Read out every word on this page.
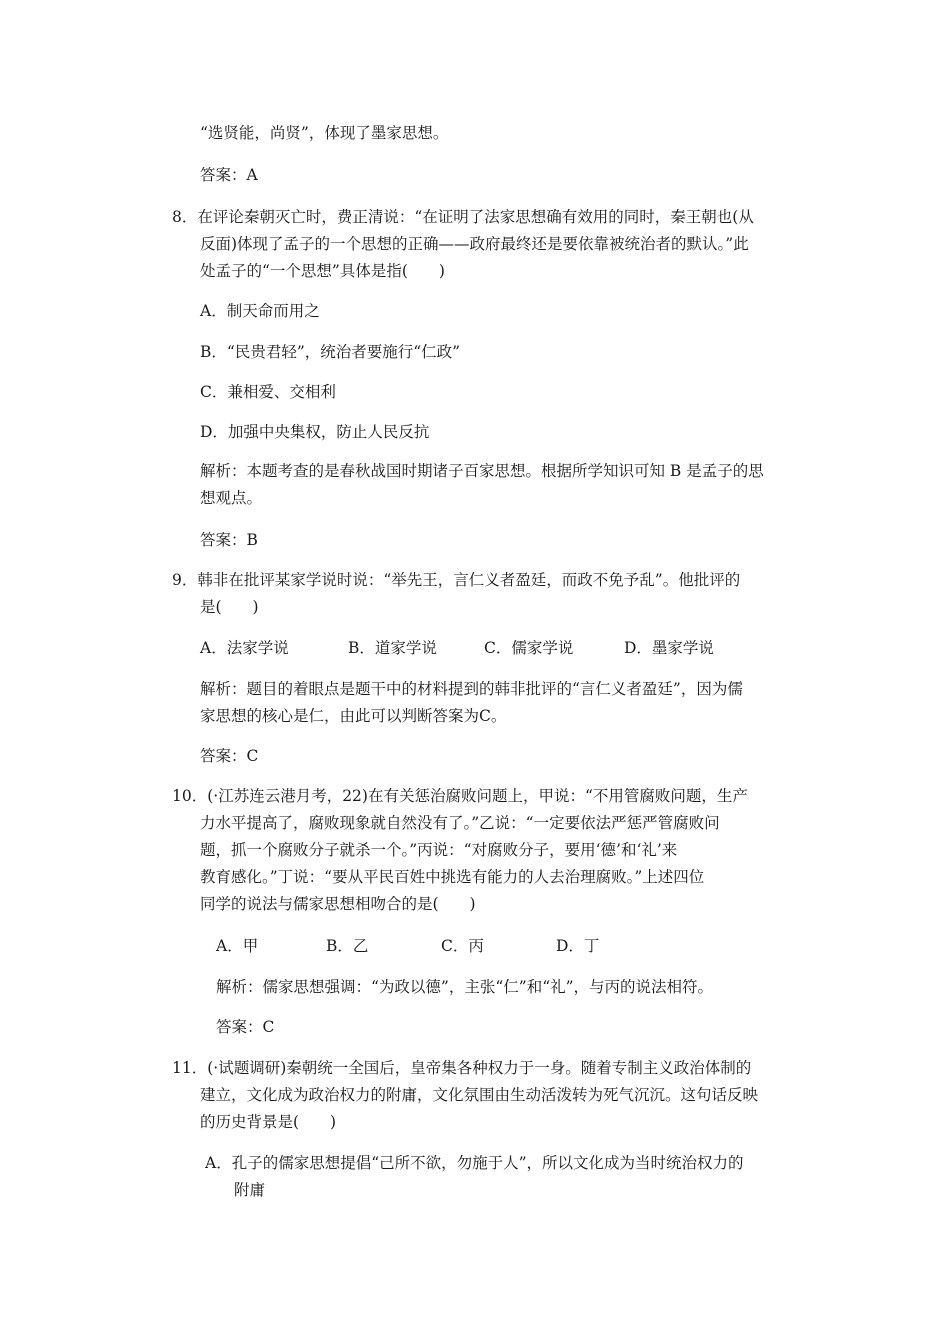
“选贤能，尚贤”，体现了墨家思想。
答案：A
8．在评论秦朝灭亡时，费正清说：“在证明了法家思想确有效用的同时，秦王朝也(从
反面)体现了孟子的一个思想的正确——政府最终还是要依靠被统治者的默认。”此
处孟子的“一个思想”具体是指(　　)
A．制天命而用之
B．“民贵君轻”，统治者要施行“仁政”
C．兼相爱、交相利
D．加强中央集权，防止人民反抗
解析：本题考查的是春秋战国时期诸子百家思想。根据所学知识可知 B 是孟子的思
想观点。
答案：B
9．韩非在批评某家学说时说：“举先王，言仁义者盈廷，而政不免予乱”。他批评的
是(　　)
A．法家学说	B．道家学说	C．儒家学说	D．墨家学说
解析：题目的着眼点是题干中的材料提到的韩非批评的“言仁义者盈廷”，因为儒
家思想的核心是仁，由此可以判断答案为C。
答案：C
10．(·江苏连云港月考，22)在有关惩治腐败问题上，甲说：“不用管腐败问题，生产
力水平提高了，腐败现象就自然没有了。”乙说：“一定要依法严惩严管腐败问
题，抓一个腐败分子就杀一个。”丙说：“对腐败分子，要用‘德’和‘礼’来
教育感化。”丁说：“要从平民百姓中挑选有能力的人去治理腐败。”上述四位
同学的说法与儒家思想相吻合的是(　　)
A．甲	B．乙	C．丙	D．丁
解析：儒家思想强调：“为政以德”，主张“仁”和“礼”，与丙的说法相符。
答案：C
11．(·试题调研)秦朝统一全国后，皇帝集各种权力于一身。随着专制主义政治体制的
建立，文化成为政治权力的附庸，文化氛围由生动活泼转为死气沉沉。这句话反映
的历史背景是(　　)
A．孔子的儒家思想提倡“己所不欲，勿施于人”，所以文化成为当时统治权力的
附庸
